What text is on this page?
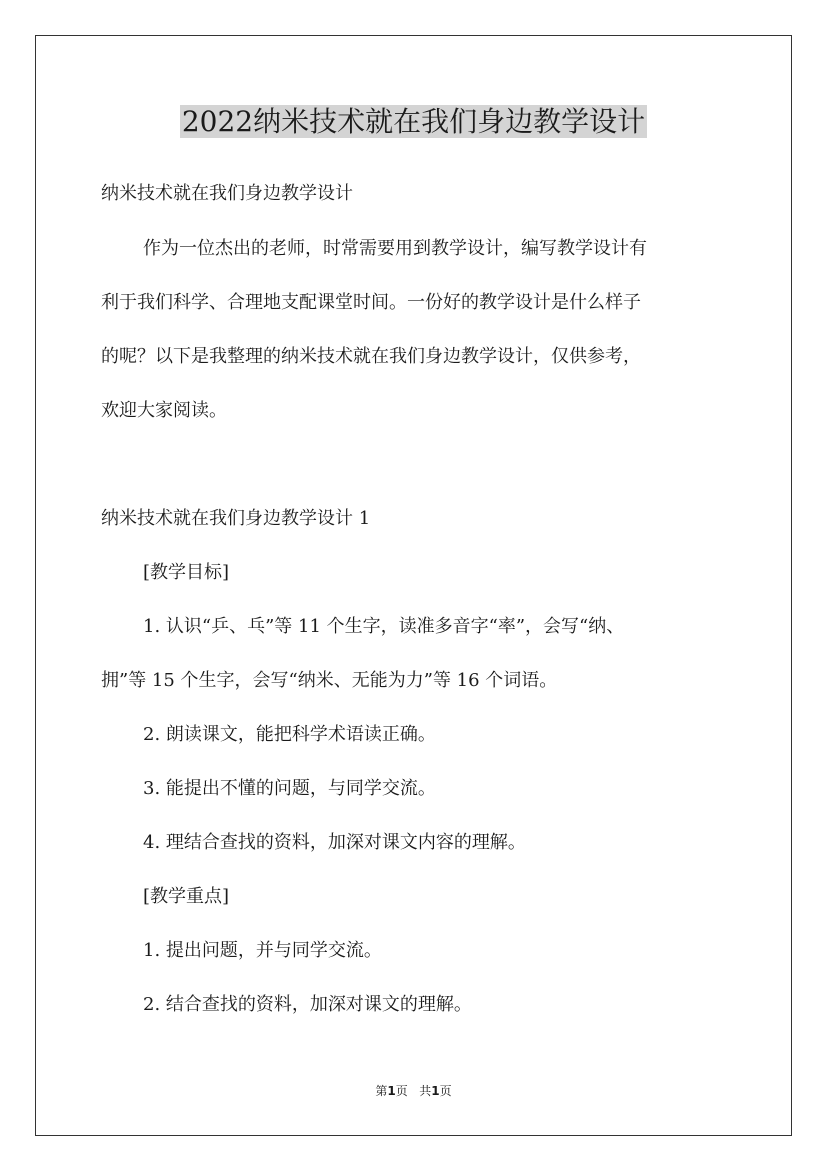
2022纳米技术就在我们身边教学设计
纳米技术就在我们身边教学设计
作为一位杰出的老师，时常需要用到教学设计，编写教学设计有
利于我们科学、合理地支配课堂时间。一份好的教学设计是什么样子
的呢？以下是我整理的纳米技术就在我们身边教学设计，仅供参考，
欢迎大家阅读。
纳米技术就在我们身边教学设计 1
[教学目标]
1. 认识“乒、乓”等 11 个生字，读准多音字“率”，会写“纳、
拥”等 15 个生字，会写“纳米、无能为力”等 16 个词语。
2. 朗读课文，能把科学术语读正确。
3. 能提出不懂的问题，与同学交流。
4. 理结合查找的资料，加深对课文内容的理解。
[教学重点]
1. 提出问题，并与同学交流。
2. 结合查找的资料，加深对课文的理解。
第1页 共1页
